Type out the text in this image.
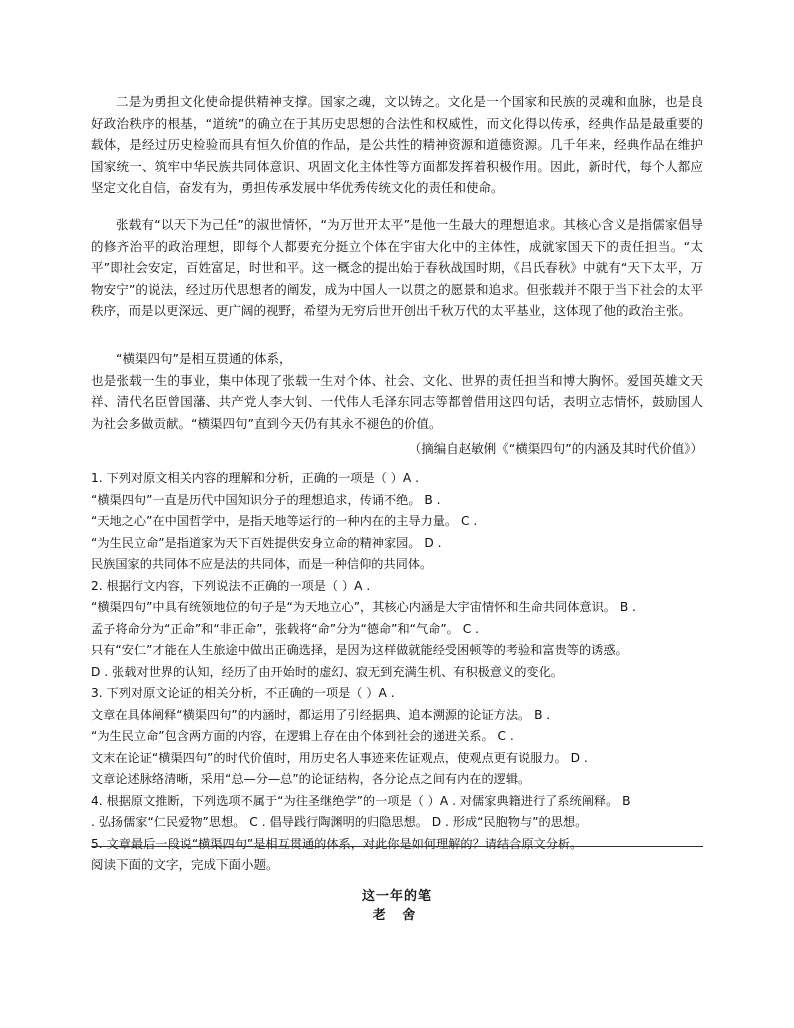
二是为勇担文化使命提供精神支撑。国家之魂，文以铸之。文化是一个国家和民族的灵魂和血脉，也是良好政治秩序的根基，“道统”的确立在于其历史思想的合法性和权威性，而文化得以传承，经典作品是最重要的载体，是经过历史检验而具有恒久价值的作品，是公共性的精神资源和道德资源。几千年来，经典作品在维护国家统一、筑牢中华民族共同体意识、巩固文化主体性等方面都发挥着积极作用。因此，新时代，每个人都应坚定文化自信，奋发有为，勇担传承发展中华优秀传统文化的责任和使命。

张载有“以天下为己任”的淑世情怀，“为万世开太平”是他一生最大的理想追求。其核心含义是指儒家倡导的修齐治平的政治理想，即每个人都要充分挺立个体在宇宙大化中的主体性，成就家国天下的责任担当。“太平”即社会安定，百姓富足，时世和平。这一概念的提出始于春秋战国时期，《吕氏春秋》中就有“天下太平，万物安宁”的说法，经过历代思想者的阐发，成为中国人一以贯之的愿景和追求。但张载并不限于当下社会的太平秩序，而是以更深远、更广阔的视野，希望为无穷后世开创出千秋万代的太平基业，这体现了他的政治主张。

“横渠四句”是相互贯通的体系，

也是张载一生的事业，集中体现了张载一生对个体、社会、文化、世界的责任担当和博大胸怀。爱国英雄文天祥、清代名臣曾国藩、共产党人李大钊、一代伟人毛泽东同志等都曾借用这四句话，表明立志情怀，鼓励国人为社会多做贡献。“横渠四句”直到今天仍有其永不褪色的价值。

（摘编自赵敏俐《“横渠四句”的内涵及其时代价值》）
1. 下列对原文相关内容的理解和分析，正确的一项是（ ）A .
“横渠四句”一直是历代中国知识分子的理想追求，传诵不绝。 B .
“天地之心”在中国哲学中，是指天地等运行的一种内在的主导力量。 C .
“为生民立命”是指道家为天下百姓提供安身立命的精神家园。 D .
民族国家的共同体不应是法的共同体，而是一种信仰的共同体。
2. 根据行文内容，下列说法不正确的一项是（ ）A .
“横渠四句”中具有统领地位的句子是“为天地立心”，其核心内涵是大宇宙情怀和生命共同体意识。 B .
孟子将命分为“正命”和“非正命”，张载将“命”分为“德命”和“气命”。 C .
只有“安仁”才能在人生旅途中做出正确选择，是因为这样做就能经受困顿等的考验和富贵等的诱惑。
D . 张载对世界的认知，经历了由开始时的虚幻、寂无到充满生机、有积极意义的变化。
3. 下列对原文论证的相关分析，不正确的一项是（ ）A .
文章在具体阐释“横渠四句”的内涵时，都运用了引经据典、追本溯源的论证方法。 B .
“为生民立命”包含两方面的内容，在逻辑上存在由个体到社会的递进关系。 C .
文末在论证“横渠四句”的时代价值时，用历史名人事迹来佐证观点，使观点更有说服力。 D .
文章论述脉络清晰，采用“总—分—总”的论证结构，各分论点之间有内在的逻辑。
4. 根据原文推断，下列选项不属于“为往圣继绝学”的一项是（ ）A . 对儒家典籍进行了系统阐释。 B
. 弘扬儒家“仁民爱物”思想。 C . 倡导践行陶渊明的归隐思想。 D . 形成“民胞物与”的思想。
5. 文章最后一段说“横渠四句”是相互贯通的体系，对此你是如何理解的？请结合原文分析。
阅读下面的文字，完成下面小题。
这一年的笔
老 舍
